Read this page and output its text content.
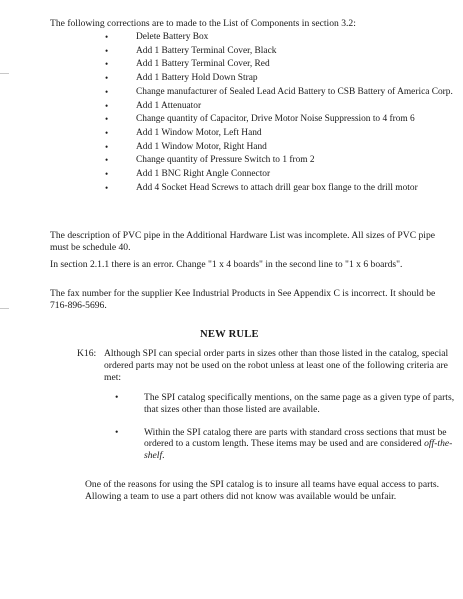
The following corrections are to made to the List of Components in section 3.2:

•	Delete Battery Box
•	Add 1 Battery Terminal Cover, Black
•	Add 1 Battery Terminal Cover, Red
•	Add 1 Battery Hold Down Strap
•	Change manufacturer of Sealed Lead Acid Battery to CSB Battery of America Corp.
•	Add 1 Attenuator
•	Change quantity of Capacitor, Drive Motor Noise Suppression to 4 from 6
•	Add 1 Window Motor, Left Hand
•	Add 1 Window Motor, Right Hand
•	Change quantity of Pressure Switch to 1 from 2
•	Add 1 BNC Right Angle Connector
•	Add 4 Socket Head Screws to attach drill gear box flange to the drill motor

The description of PVC pipe in the Additional Hardware List was incomplete. All sizes of PVC pipe must be schedule 40.

In section 2.1.1 there is an error. Change "1 x 4 boards" in the second line to "1 x 6 boards".

The fax number for the supplier Kee Industrial Products in See Appendix C is incorrect. It should be 716-896-5696.

NEW RULE
K16: Although SPI can special order parts in sizes other than those listed in the catalog, special ordered parts may not be used on the robot unless at least one of the following criteria are met:

•	The SPI catalog specifically mentions, on the same page as a given type of parts, that sizes other than those listed are available.
•	Within the SPI catalog there are parts with standard cross sections that must be ordered to a custom length. These items may be used and are considered off-the-shelf.

One of the reasons for using the SPI catalog is to insure all teams have equal access to parts. Allowing a team to use a part others did not know was available would be unfair.
